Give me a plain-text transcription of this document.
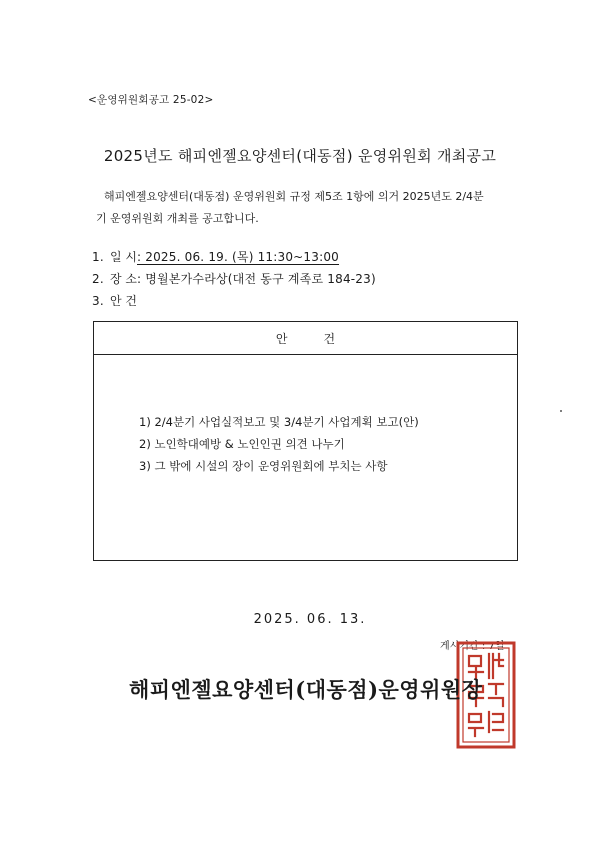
<운영위원회공고 25-02>
2025년도 해피엔젤요양센터(대동점) 운영위원회 개최공고
해피엔젤요양센터(대동점) 운영위원회 규정 제5조 1항에 의거 2025년도 2/4분
기 운영위원회 개최를 공고합니다.
1. 일 시: 2025. 06. 19. (목) 11:30~13:00
2. 장 소: 명월본가수라상(대전 동구 계족로 184-23)
3. 안 건
안건
1) 2/4분기 사업실적보고 및 3/4분기 사업계획 보고(안)
2) 노인학대예방 & 노인인권 의견 나누기
3) 그 밖에 시설의 장이 운영위원회에 부치는 사항
2025. 06. 13.
게시기간 : 7일
해피엔젤요양센터(대동점)운영위원장
